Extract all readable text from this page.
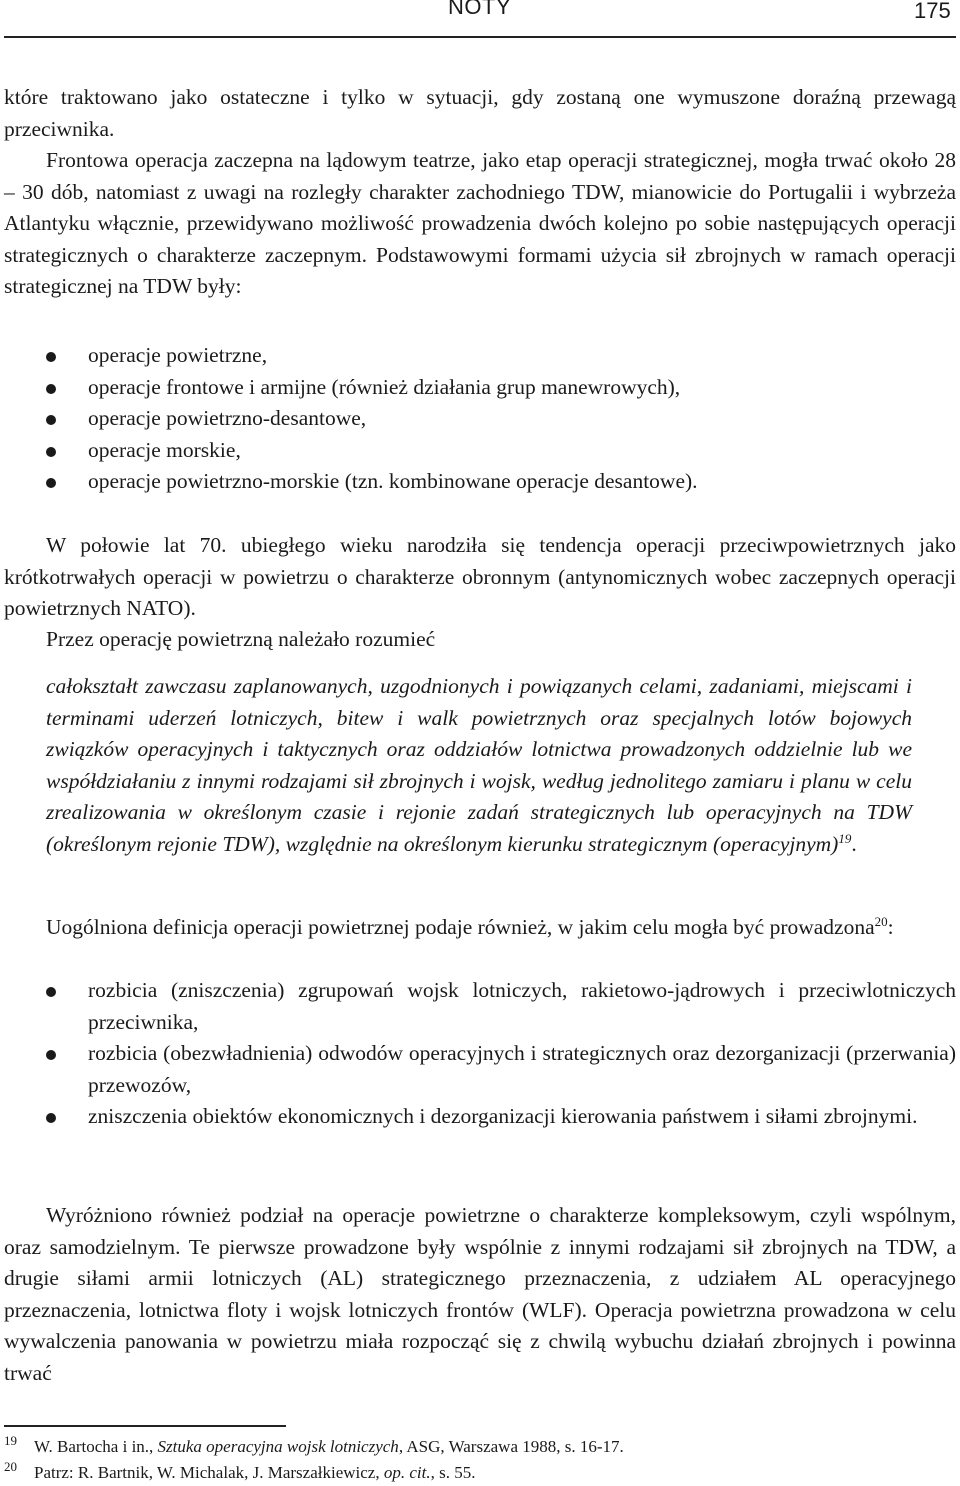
NOTY	175

które traktowano jako ostateczne i tylko w sytuacji, gdy zostaną one wymuszone doraźną przewagą przeciwnika.

Frontowa operacja zaczepna na lądowym teatrze, jako etap operacji strategicznej, mogła trwać około 28 – 30 dób, natomiast z uwagi na rozległy charakter zachodniego TDW, mianowicie do Portugalii i wybrzeża Atlantyku włącznie, przewidywano możliwość prowadzenia dwóch kolejno po sobie następujących operacji strategicznych o charakterze zaczepnym. Podstawowymi formami użycia sił zbrojnych w ramach operacji strategicznej na TDW były:

operacje powietrzne,
operacje frontowe i armijne (również działania grup manewrowych),
operacje powietrzno-desantowe,
operacje morskie,
operacje powietrzno-morskie (tzn. kombinowane operacje desantowe).

W połowie lat 70. ubiegłego wieku narodziła się tendencja operacji przeciwpowietrznych jako krótkotrwałych operacji w powietrzu o charakterze obronnym (antynomicznych wobec zaczepnych operacji powietrznych NATO).

Przez operację powietrzną należało rozumieć

całokształt zawczasu zaplanowanych, uzgodnionych i powiązanych celami, zadaniami, miejscami i terminami uderzeń lotniczych, bitew i walk powietrznych oraz specjalnych lotów bojowych związków operacyjnych i taktycznych oraz oddziałów lotnictwa prowadzonych oddzielnie lub we współdziałaniu z innymi rodzajami sił zbrojnych i wojsk, według jednolitego zamiaru i planu w celu zrealizowania w określonym czasie i rejonie zadań strategicznych lub operacyjnych na TDW (określonym rejonie TDW), względnie na określonym kierunku strategicznym (operacyjnym)$^{19}$.

Uogólniona definicja operacji powietrznej podaje również, w jakim celu mogła być prowadzona$^{20}$:

rozbicia (zniszczenia) zgrupowań wojsk lotniczych, rakietowo-jądrowych i przeciwlotniczych przeciwnika,
rozbicia (obezwładnienia) odwodów operacyjnych i strategicznych oraz dezorganizacji (przerwania) przewozów,
zniszczenia obiektów ekonomicznych i dezorganizacji kierowania państwem i siłami zbrojnymi.

Wyróżniono również podział na operacje powietrzne o charakterze kompleksowym, czyli wspólnym, oraz samodzielnym. Te pierwsze prowadzone były wspólnie z innymi rodzajami sił zbrojnych na TDW, a drugie siłami armii lotniczych (AL) strategicznego przeznaczenia, z udziałem AL operacyjnego przeznaczenia, lotnictwa floty i wojsk lotniczych frontów (WLF). Operacja powietrzna prowadzona w celu wywalczenia panowania w powietrzu miała rozpocząć się z chwilą wybuchu działań zbrojnych i powinna trwać

19 W. Bartocha i in., Sztuka operacyjna wojsk lotniczych, ASG, Warszawa 1988, s. 16-17.
20 Patrz: R. Bartnik, W. Michalak, J. Marszałkiewicz, op. cit., s. 55.
